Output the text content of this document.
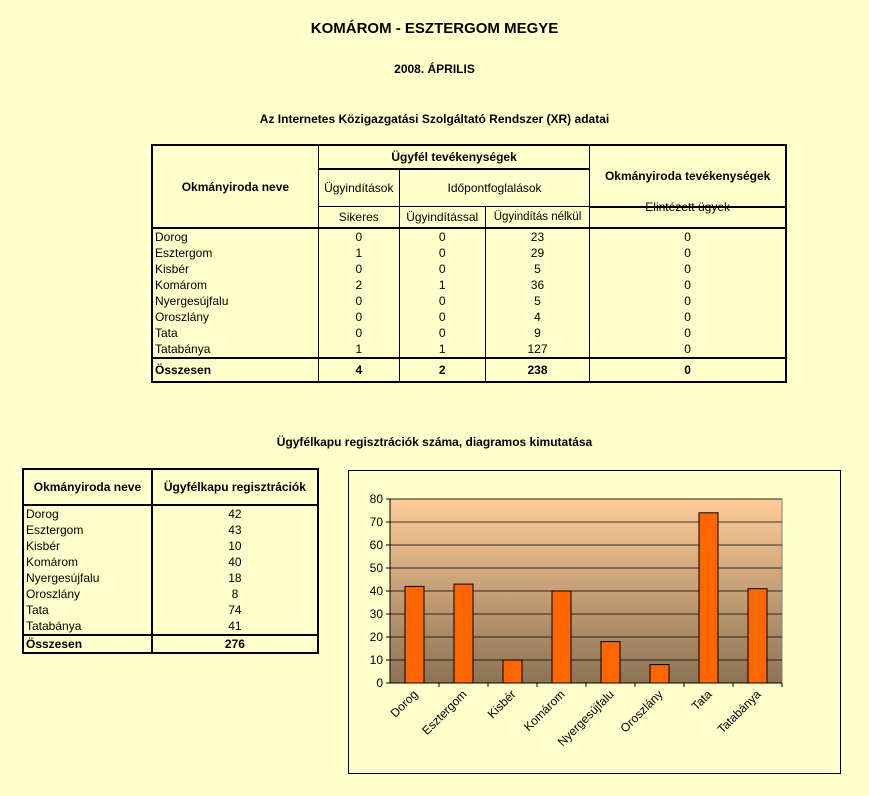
KOMÁROM - ESZTERGOM MEGYE
2008. ÁPRILIS
Az Internetes Közigazgatási Szolgáltató Rendszer (XR) adatai
Okmányiroda neve	Ügyfél tevékenységek			Okmányiroda tevékenységek
	Ügyindítások	Időpontfoglalások		
	Sikeres	Ügyindítással	Ügyindítás nélkül	Elintézett ügyek
Dorog	0	0	23	0
Esztergom	1	0	29	0
Kisbér	0	0	5	0
Komárom	2	1	36	0
Nyergesújfalu	0	0	5	0
Oroszlány	0	0	4	0
Tata	0	0	9	0
Tatabánya	1	1	127	0
Összesen	4	2	238	0
Ügyfélkapu regisztrációk száma, diagramos kimutatása
Okmányiroda neve	Ügyfélkapu regisztrációk
Dorog	42
Esztergom	43
Kisbér	10
Komárom	40
Nyergesújfalu	18
Oroszlány	8
Tata	74
Tatabánya	41
Összesen	276
0
10
20
30
40
50
60
70
80
Dorog
Esztergom Kisbér Komárom
Nyergesújfalu Oroszlány Tata Tatabánya
